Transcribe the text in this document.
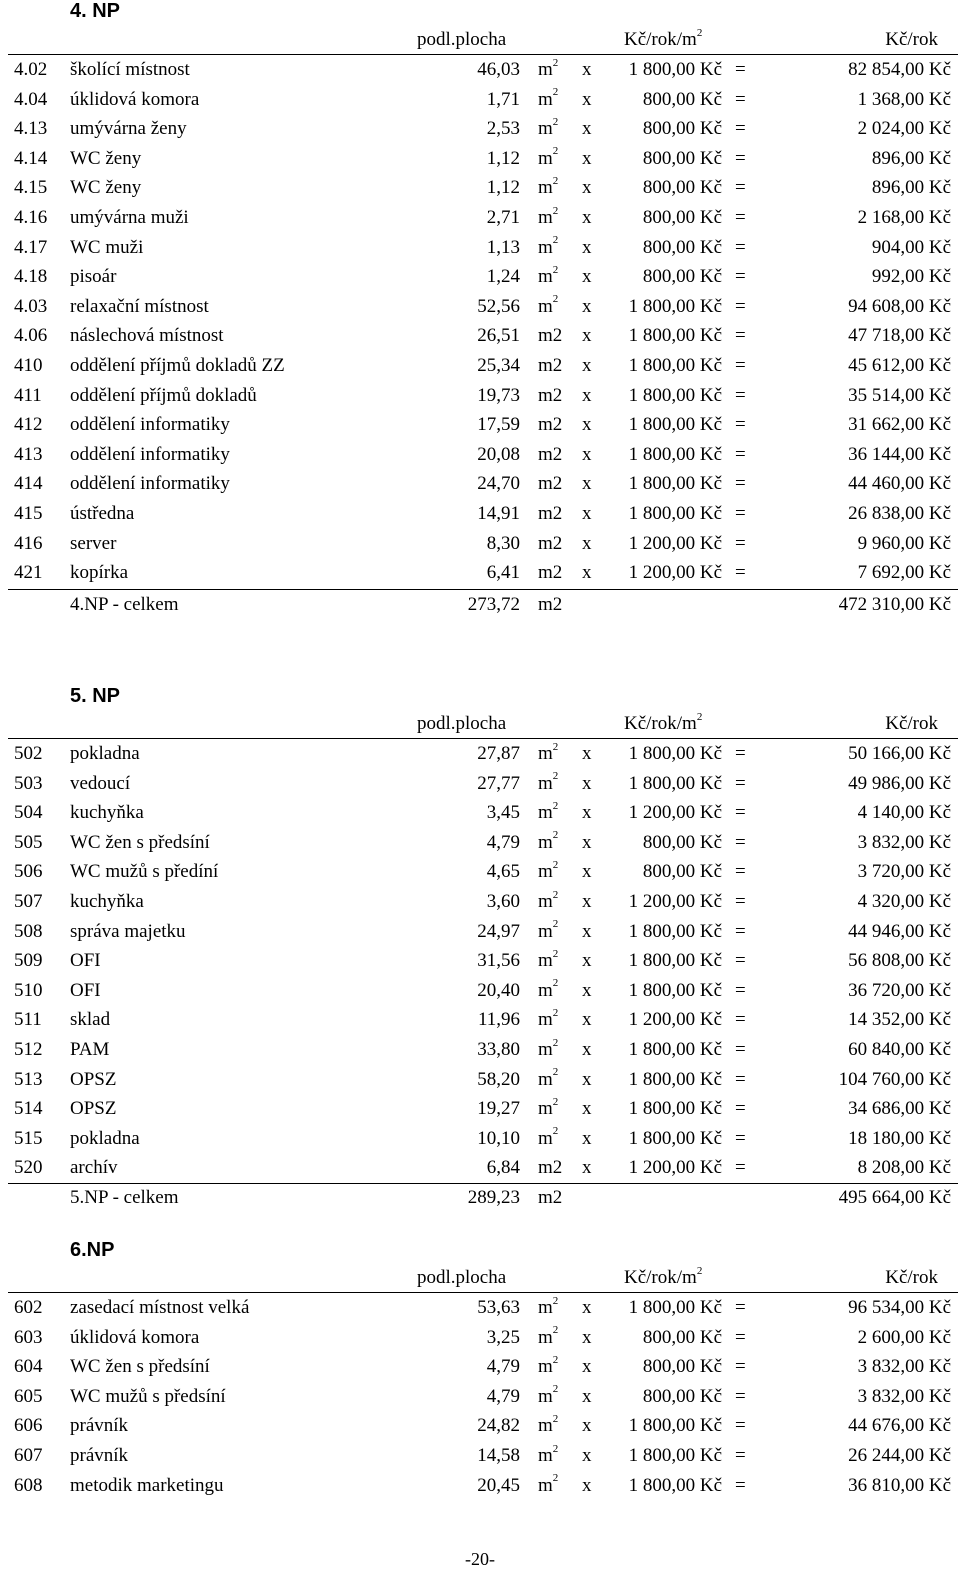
4. NP
podl.plocha	$Kč/rok/m^2$	Kč/rok
4.02 školící místnost	46,03 $m^2$ x 1 800,00 Kč =	82 854,00 Kč
4.04 úklidová komora	1,71 $m^2$ x	800,00 Kč =	1 368,00 Kč
4.13 umývárna ženy	2,53 $m^2$ x	800,00 Kč =	2 024,00 Kč
4.14 WC ženy	1,12 $m^2$ x	800,00 Kč =	896,00 Kč
4.15 WC ženy	1,12 $m^2$ x	800,00 Kč =	896,00 Kč
4.16 umývárna muži	2,71 $m^2$ x	800,00 Kč =	2 168,00 Kč
4.17 WC muži	1,13 $m^2$ x	800,00 Kč =	904,00 Kč
4.18 pisoár	1,24 $m^2$ x	800,00 Kč =	992,00 Kč
4.03 relaxační místnost	52,56 $m^2$ x 1 800,00 Kč =	94 608,00 Kč
4.06 náslechová místnost	26,51 m2 x 1 800,00 Kč =	47 718,00 Kč
410 oddělení příjmů dokladů ZZ	25,34 m2 x 1 800,00 Kč =	45 612,00 Kč
411 oddělení příjmů dokladů	19,73 m2 x 1 800,00 Kč =	35 514,00 Kč
412 oddělení informatiky	17,59 m2 x 1 800,00 Kč =	31 662,00 Kč
413 oddělení informatiky	20,08 m2 x 1 800,00 Kč =	36 144,00 Kč
414 oddělení informatiky	24,70 m2 x 1 800,00 Kč =	44 460,00 Kč
415 ústředna	14,91 m2 x 1 800,00 Kč =	26 838,00 Kč
416 server	8,30 m2 x 1 200,00 Kč =	9 960,00 Kč
421 kopírka	6,41 m2 x 1 200,00 Kč =	7 692,00 Kč
4.NP - celkem	273,72 m2	472 310,00 Kč
5. NP
podl.plocha	$Kč/rok/m^2$	Kč/rok
502 pokladna	27,87 $m^2$ x 1 800,00 Kč =	50 166,00 Kč
503 vedoucí	27,77 $m^2$ x 1 800,00 Kč =	49 986,00 Kč
504 kuchyňka	3,45 $m^2$ x 1 200,00 Kč =	4 140,00 Kč
505 WC žen s předsíní	4,79 $m^2$ x	800,00 Kč =	3 832,00 Kč
506 WC mužů s předíní	4,65 $m^2$ x	800,00 Kč =	3 720,00 Kč
507 kuchyňka	3,60 $m^2$ x 1 200,00 Kč =	4 320,00 Kč
508 správa majetku	24,97 $m^2$ x 1 800,00 Kč =	44 946,00 Kč
509 OFI	31,56 $m^2$ x 1 800,00 Kč =	56 808,00 Kč
510 OFI	20,40 $m^2$ x 1 800,00 Kč =	36 720,00 Kč
511 sklad	11,96 $m^2$ x 1 200,00 Kč =	14 352,00 Kč
512 PAM	33,80 $m^2$ x 1 800,00 Kč =	60 840,00 Kč
513 OPSZ	58,20 $m^2$ x 1 800,00 Kč =	104 760,00 Kč
514 OPSZ	19,27 $m^2$ x 1 800,00 Kč =	34 686,00 Kč
515 pokladna	10,10 $m^2$ x 1 800,00 Kč =	18 180,00 Kč
520 archív	6,84 m2 x 1 200,00 Kč =	8 208,00 Kč
5.NP - celkem	289,23 m2	495 664,00 Kč
6.NP
podl.plocha	$Kč/rok/m^2$	Kč/rok
602 zasedací místnost velká	53,63 $m^2$ x 1 800,00 Kč =	96 534,00 Kč
603 úklidová komora	3,25 $m^2$ x	800,00 Kč =	2 600,00 Kč
604 WC žen s předsíní	4,79 $m^2$ x	800,00 Kč =	3 832,00 Kč
605 WC mužů s předsíní	4,79 $m^2$ x	800,00 Kč =	3 832,00 Kč
606 právník	24,82 $m^2$ x 1 800,00 Kč =	44 676,00 Kč
607 právník	14,58 $m^2$ x 1 800,00 Kč =	26 244,00 Kč
608 metodik marketingu	20,45 $m^2$ x 1 800,00 Kč =	36 810,00 Kč
-20-
